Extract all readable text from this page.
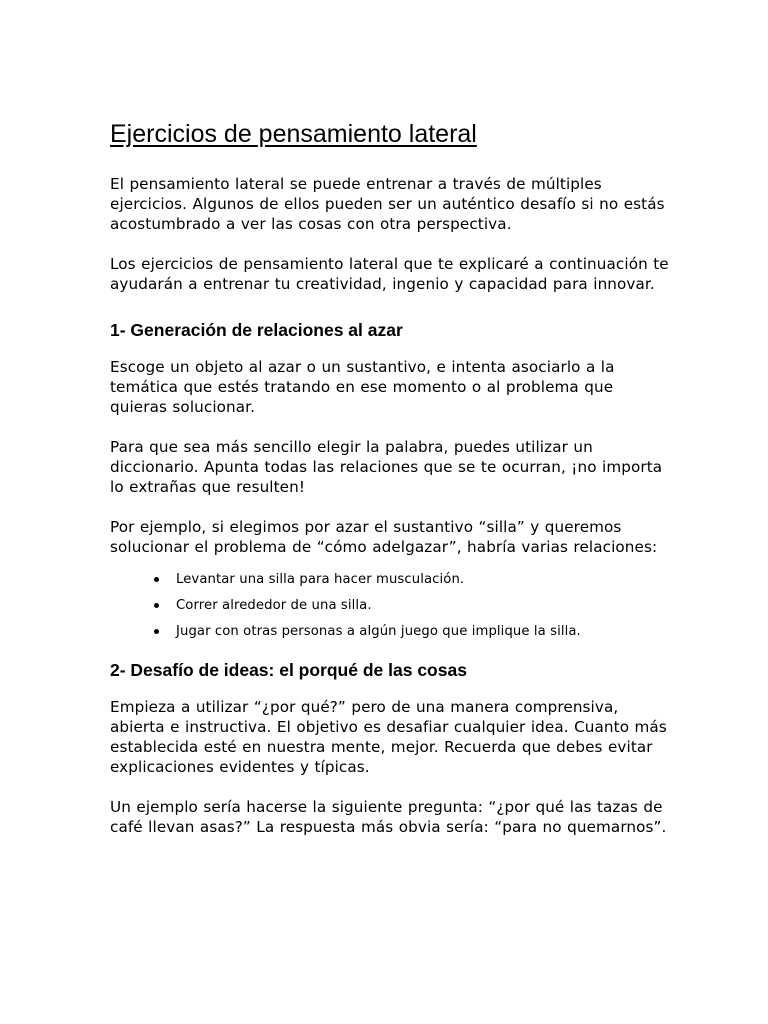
Ejercicios de pensamiento lateral

El pensamiento lateral se puede entrenar a través de múltiples ejercicios. Algunos de ellos pueden ser un auténtico desafío si no estás acostumbrado a ver las cosas con otra perspectiva.

Los ejercicios de pensamiento lateral que te explicaré a continuación te ayudarán a entrenar tu creatividad, ingenio y capacidad para innovar.

1- Generación de relaciones al azar

Escoge un objeto al azar o un sustantivo, e intenta asociarlo a la temática que estés tratando en ese momento o al problema que quieras solucionar.

Para que sea más sencillo elegir la palabra, puedes utilizar un diccionario. Apunta todas las relaciones que se te ocurran, ¡no importa lo extrañas que resulten!

Por ejemplo, si elegimos por azar el sustantivo “silla” y queremos solucionar el problema de “cómo adelgazar”, habría varias relaciones:

Levantar una silla para hacer musculación.
Correr alrededor de una silla.
Jugar con otras personas a algún juego que implique la silla.
2- Desafío de ideas: el porqué de las cosas

Empieza a utilizar “¿por qué?” pero de una manera comprensiva, abierta e instructiva. El objetivo es desafiar cualquier idea. Cuanto más establecida esté en nuestra mente, mejor. Recuerda que debes evitar explicaciones evidentes y típicas.

Un ejemplo sería hacerse la siguiente pregunta: “¿por qué las tazas de café llevan asas?” La respuesta más obvia sería: “para no quemarnos”.
